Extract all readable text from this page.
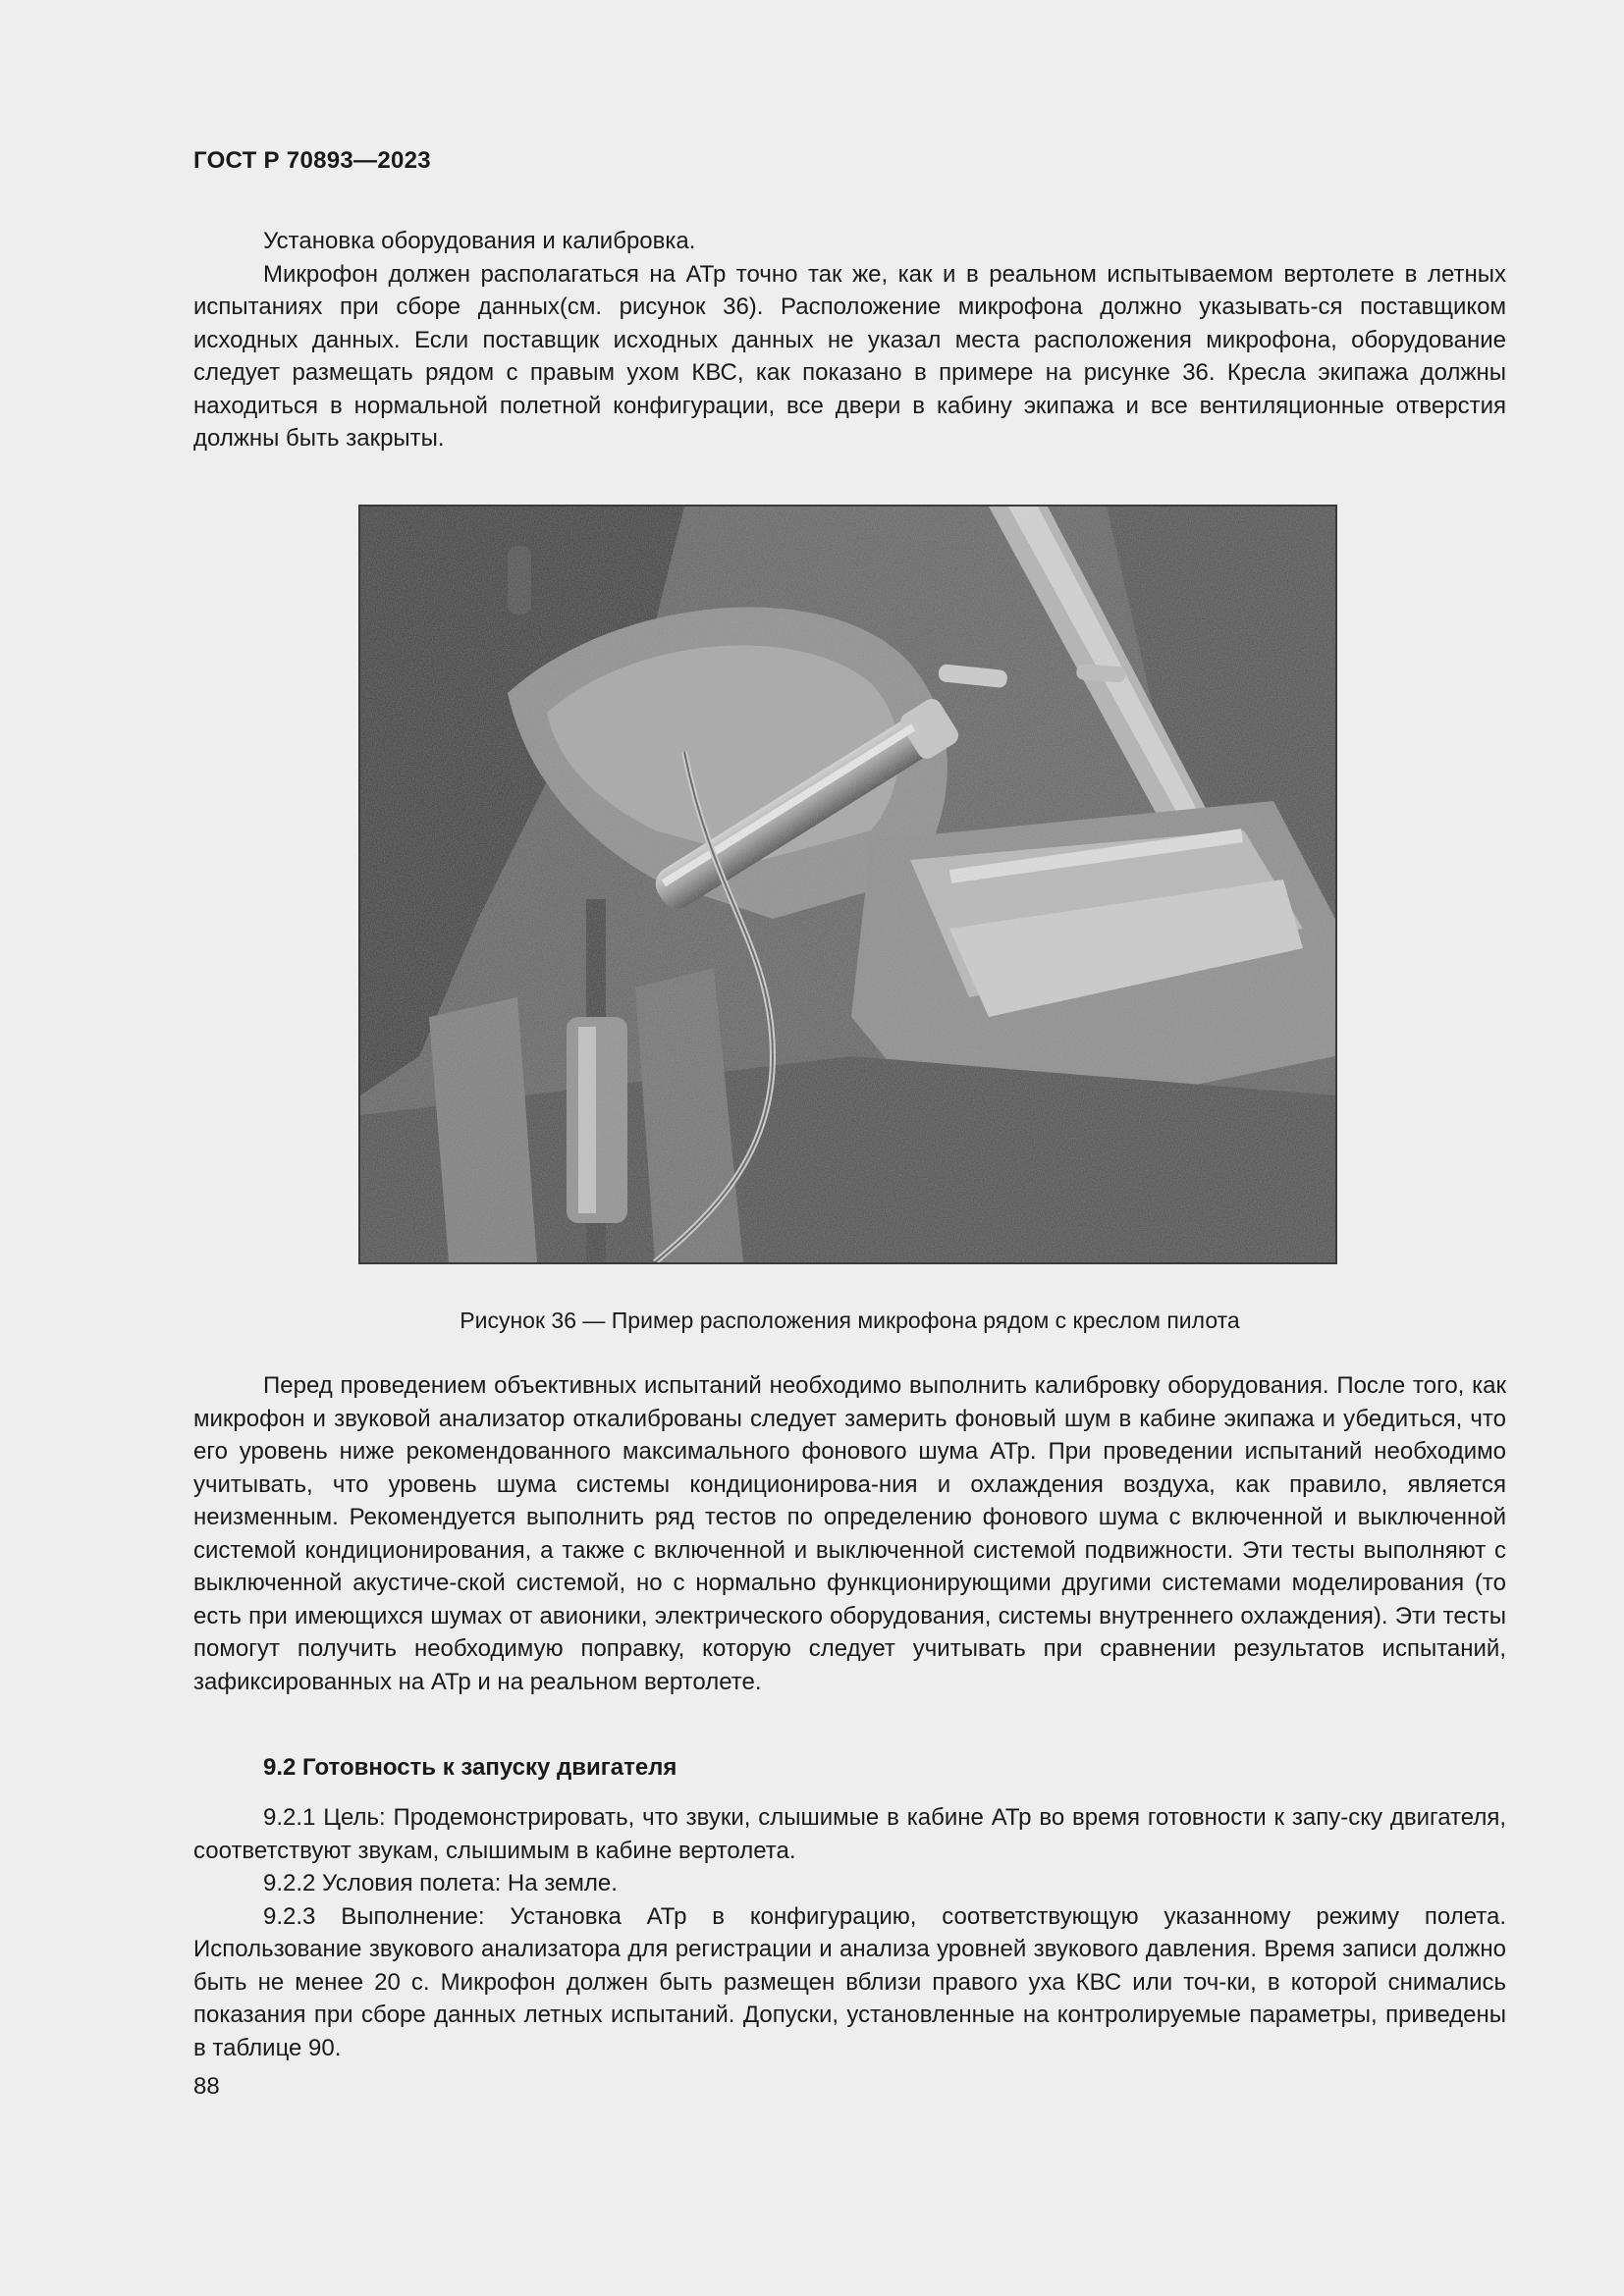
ГОСТ Р 70893—2023

Установка оборудования и калибровка.

Микрофон должен располагаться на АТр точно так же, как и в реальном испытываемом вертолете в летных испытаниях при сборе данных(см. рисунок 36). Расположение микрофона должно указывать-ся поставщиком исходных данных. Если поставщик исходных данных не указал места расположения микрофона, оборудование следует размещать рядом с правым ухом КВС, как показано в примере на рисунке 36. Кресла экипажа должны находиться в нормальной полетной конфигурации, все двери в кабину экипажа и все вентиляционные отверстия должны быть закрыты.

Рисунок 36 — Пример расположения микрофона рядом с креслом пилота

Перед проведением объективных испытаний необходимо выполнить калибровку оборудования. После того, как микрофон и звуковой анализатор откалиброваны следует замерить фоновый шум в кабине экипажа и убедиться, что его уровень ниже рекомендованного максимального фонового шума АТр. При проведении испытаний необходимо учитывать, что уровень шума системы кондиционирова-ния и охлаждения воздуха, как правило, является неизменным. Рекомендуется выполнить ряд тестов по определению фонового шума с включенной и выключенной системой кондиционирования, а также с включенной и выключенной системой подвижности. Эти тесты выполняют с выключенной акустиче-ской системой, но с нормально функционирующими другими системами моделирования (то есть при имеющихся шумах от авионики, электрического оборудования, системы внутреннего охлаждения). Эти тесты помогут получить необходимую поправку, которую следует учитывать при сравнении результатов испытаний, зафиксированных на АТр и на реальном вертолете.

9.2 Готовность к запуску двигателя

9.2.1 Цель: Продемонстрировать, что звуки, слышимые в кабине АТр во время готовности к запу-ску двигателя, соответствуют звукам, слышимым в кабине вертолета.

9.2.2 Условия полета: На земле.

9.2.3 Выполнение: Установка АТр в конфигурацию, соответствующую указанному режиму полета. Использование звукового анализатора для регистрации и анализа уровней звукового давления. Время записи должно быть не менее 20 с. Микрофон должен быть размещен вблизи правого уха КВС или точ-ки, в которой снимались показания при сборе данных летных испытаний. Допуски, установленные на контролируемые параметры, приведены в таблице 90.

88
